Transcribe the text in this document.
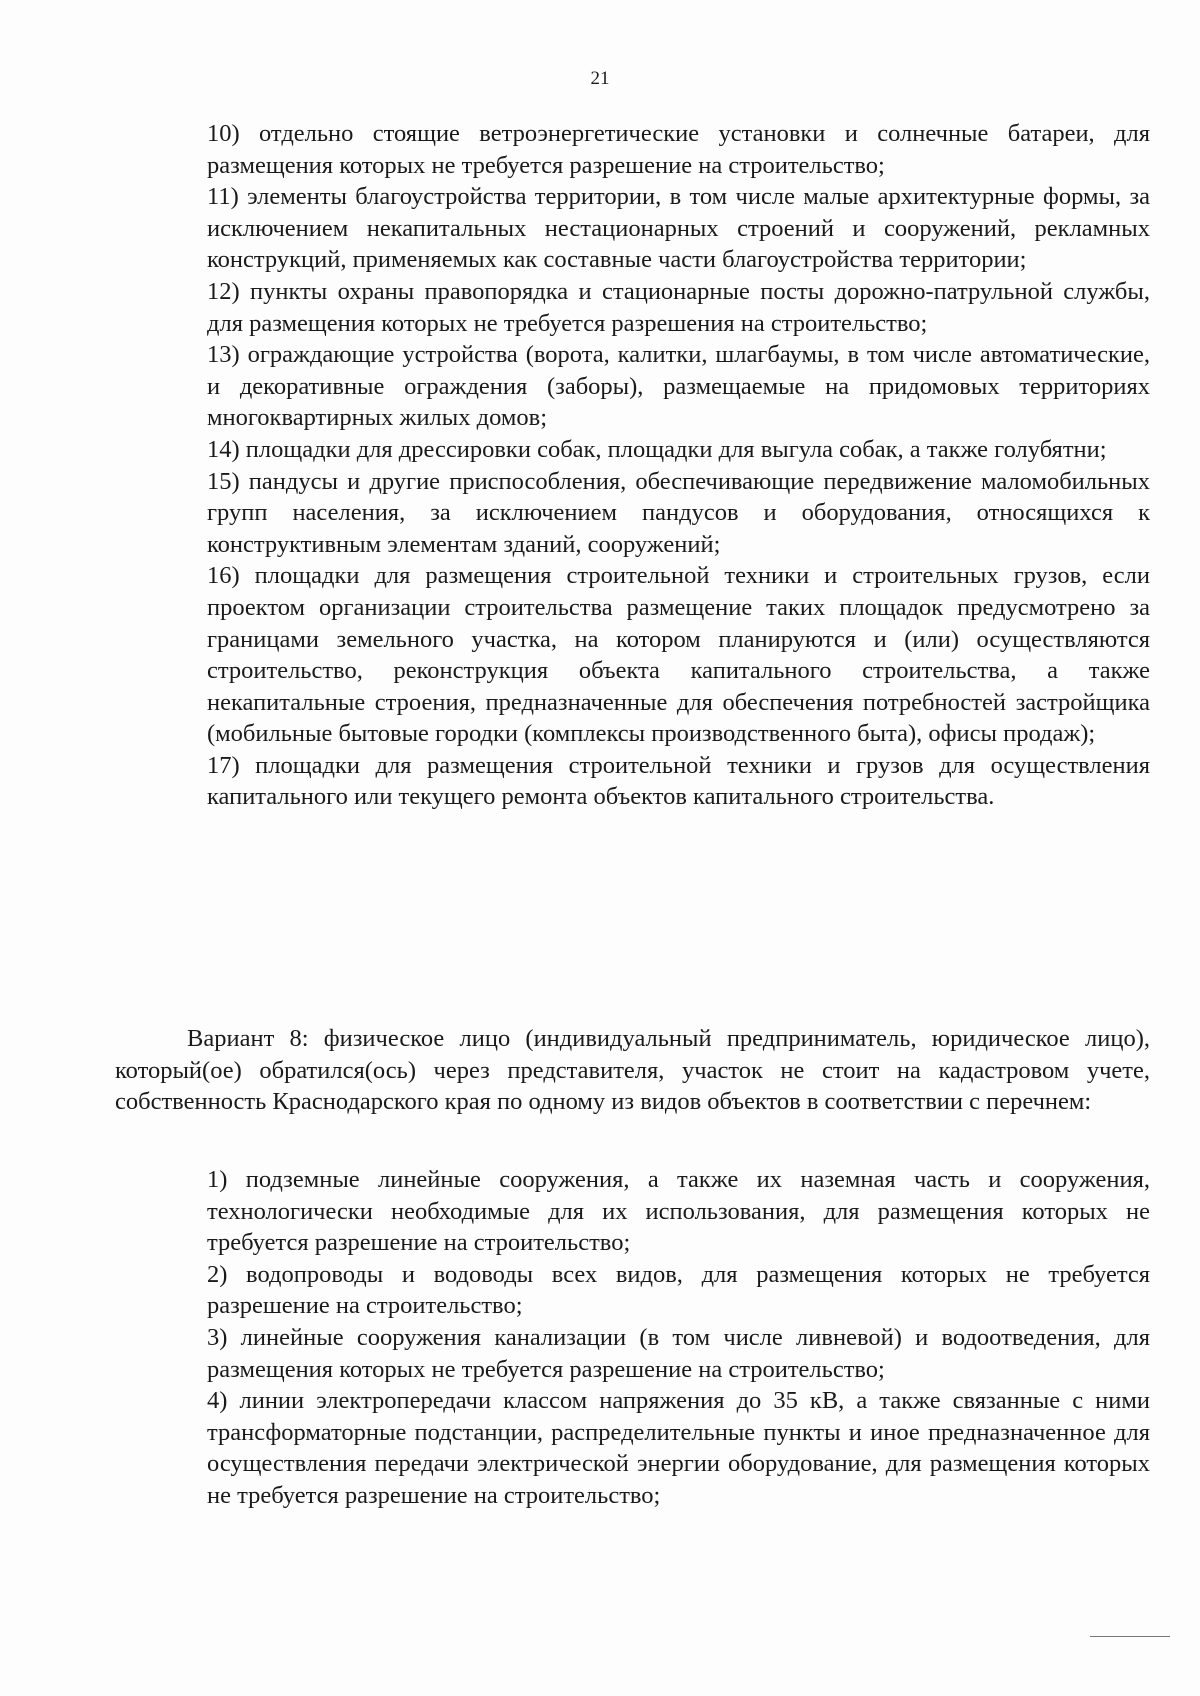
21
10) отдельно стоящие ветроэнергетические установки и солнечные батареи, для размещения которых не требуется разрешение на строительство;
11) элементы благоустройства территории, в том числе малые архитектурные формы, за исключением некапитальных нестационарных строений и сооружений, рекламных конструкций, применяемых как составные части благоустройства территории;
12) пункты охраны правопорядка и стационарные посты дорожно-патрульной службы, для размещения которых не требуется разрешения на строительство;
13) ограждающие устройства (ворота, калитки, шлагбаумы, в том числе автоматические, и декоративные ограждения (заборы), размещаемые на придомовых территориях многоквартирных жилых домов;
14) площадки для дрессировки собак, площадки для выгула собак, а также голубятни;
15) пандусы и другие приспособления, обеспечивающие передвижение маломобильных групп населения, за исключением пандусов и оборудования, относящихся к конструктивным элементам зданий, сооружений;
16) площадки для размещения строительной техники и строительных грузов, если проектом организации строительства размещение таких площадок предусмотрено за границами земельного участка, на котором планируются и (или) осуществляются строительство, реконструкция объекта капитального строительства, а также некапитальные строения, предназначенные для обеспечения потребностей застройщика (мобильные бытовые городки (комплексы производственного быта), офисы продаж);
17) площадки для размещения строительной техники и грузов для осуществления капитального или текущего ремонта объектов капитального строительства.
Вариант 8: физическое лицо (индивидуальный предприниматель, юридическое лицо), который(ое) обратился(ось) через представителя, участок не стоит на кадастровом учете, собственность Краснодарского края по одному из видов объектов в соответствии с перечнем:
1) подземные линейные сооружения, а также их наземная часть и сооружения, технологически необходимые для их использования, для размещения которых не требуется разрешение на строительство;
2) водопроводы и водоводы всех видов, для размещения которых не требуется разрешение на строительство;
3) линейные сооружения канализации (в том числе ливневой) и водоотведения, для размещения которых не требуется разрешение на строительство;
4) линии электропередачи классом напряжения до 35 кВ, а также связанные с ними трансформаторные подстанции, распределительные пункты и иное предназначенное для осуществления передачи электрической энергии оборудование, для размещения которых не требуется разрешение на строительство;
